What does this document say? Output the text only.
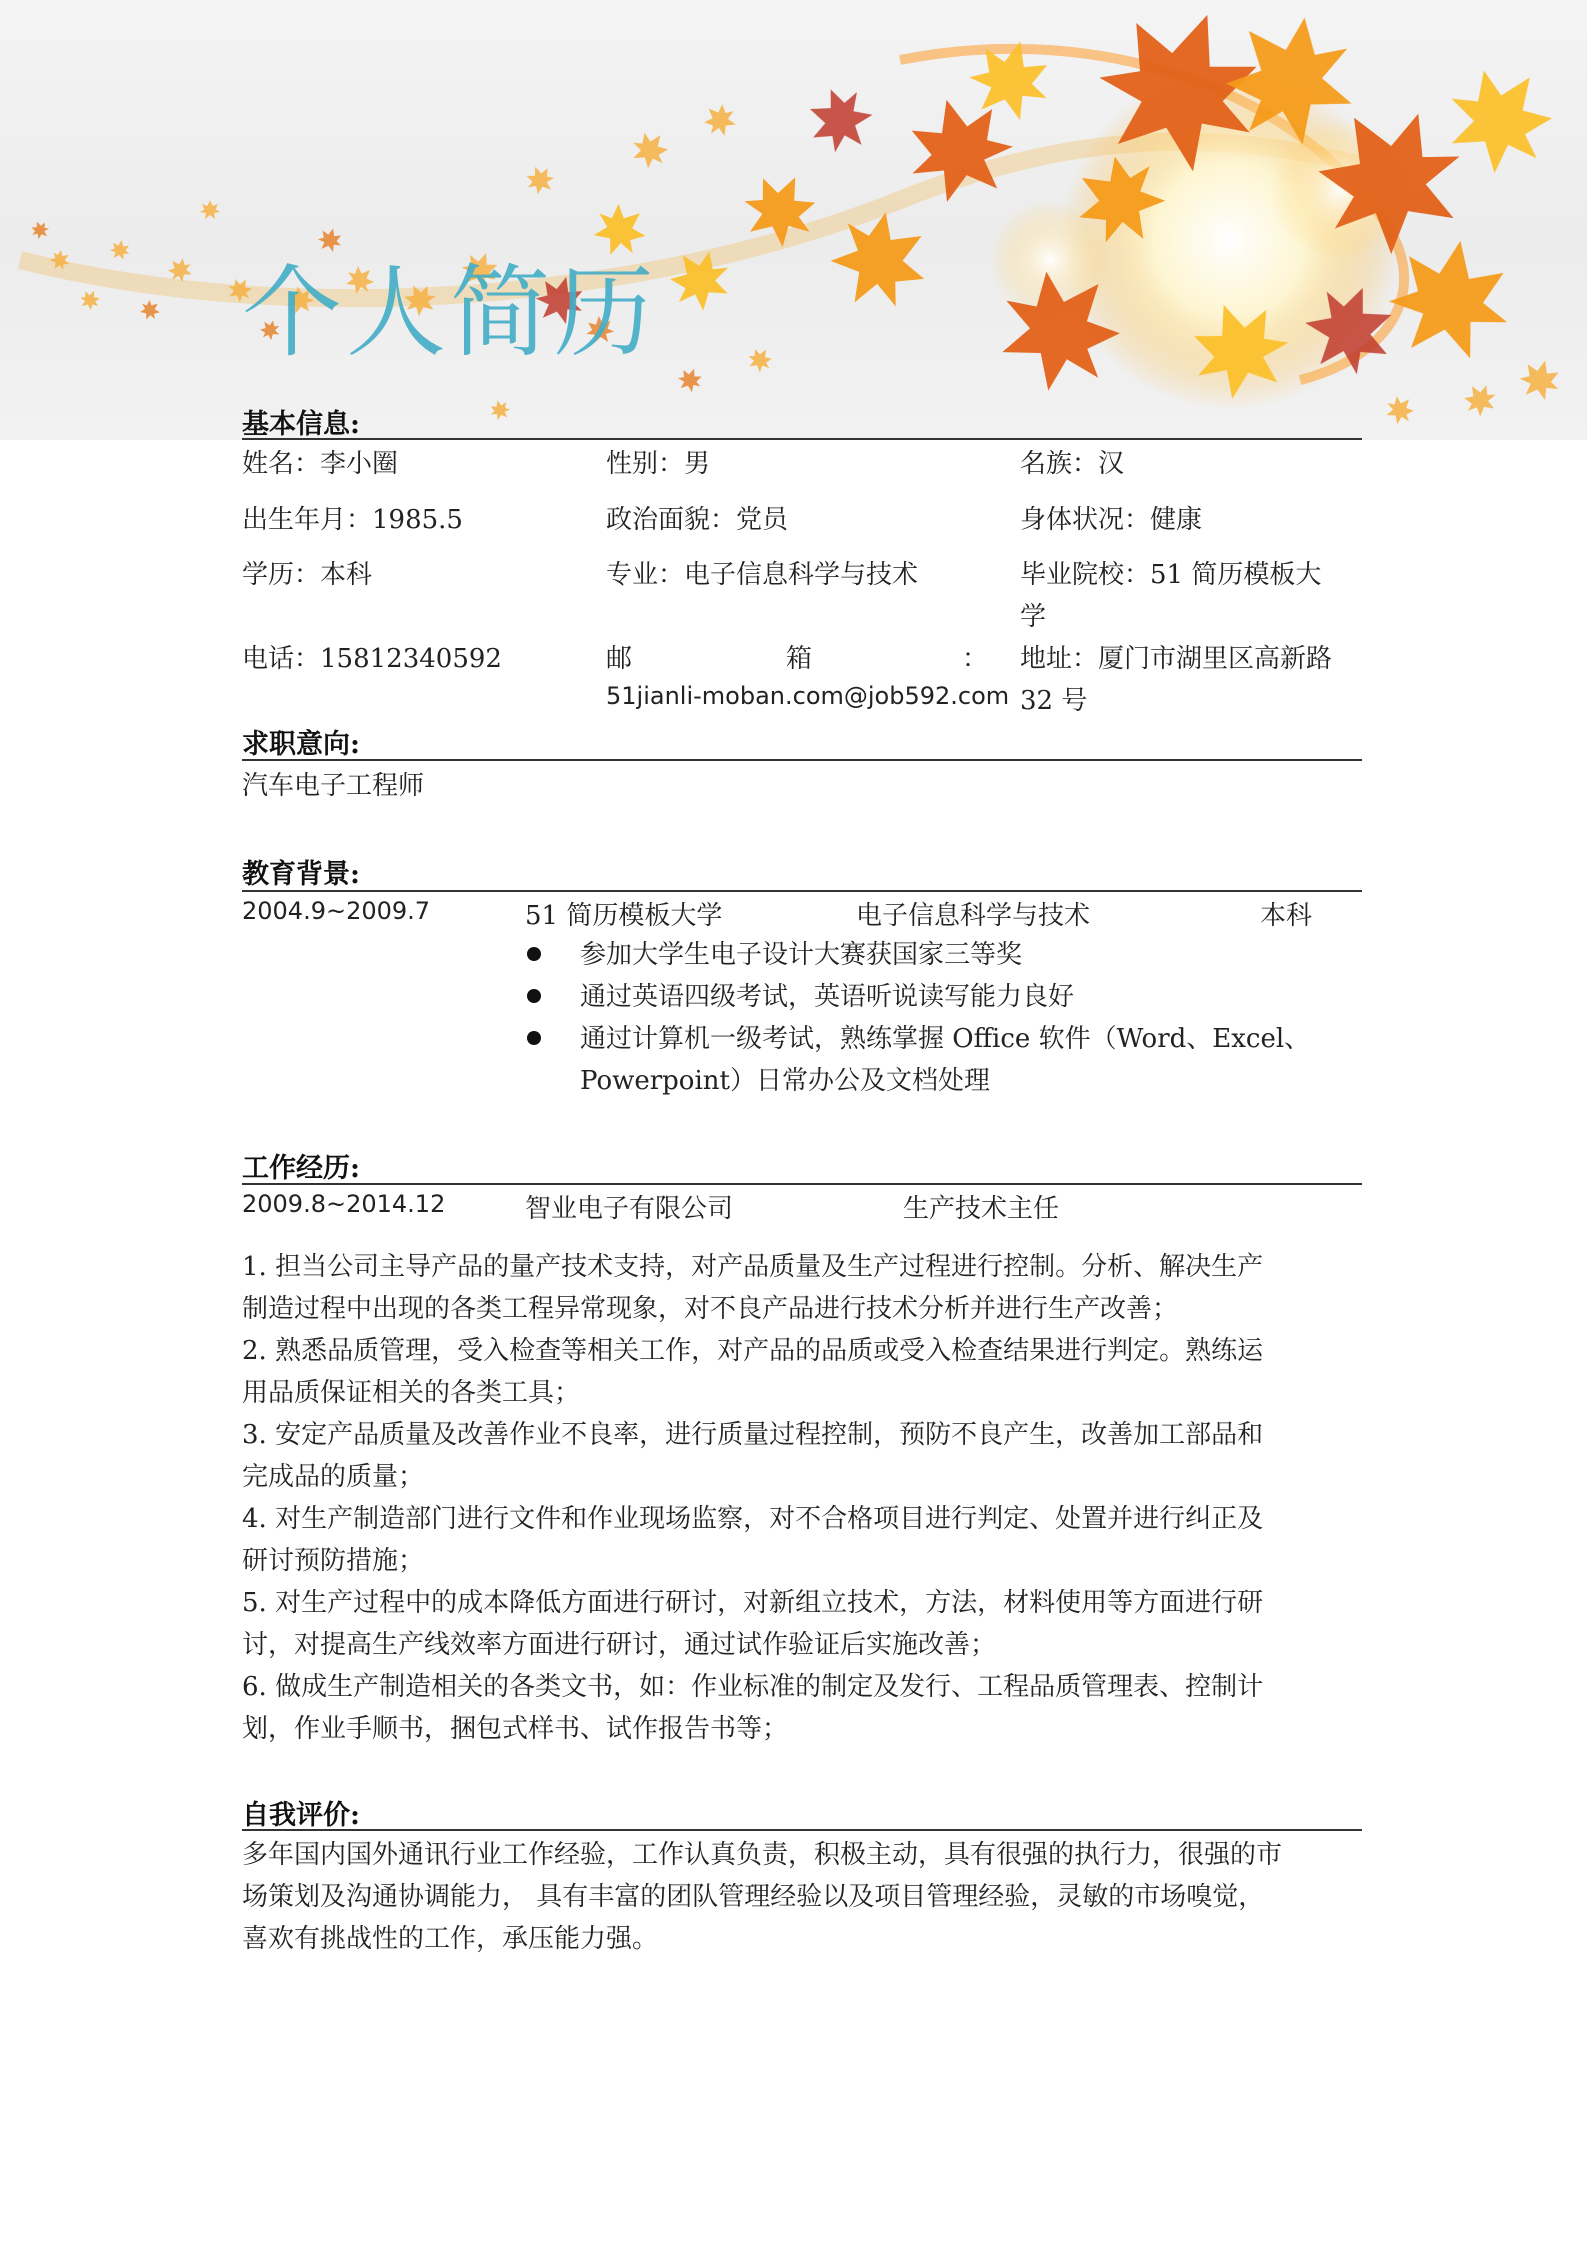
个人简历
基本信息:
姓名：李小圈	性别：男	名族：汉
出生年月：1985.5	政治面貌：党员	身体状况：健康
学历：本科	专业：电子信息科学与技术	毕业院校：51 简历模板大
学
电话：15812340592	邮	箱	：
51jianli-moban.com@job592.com
地址：厦门市湖里区高新路
32 号
求职意向:
汽车电子工程师
教育背景:
2004.9~2009.7	51 简历模板大学	电子信息科学与技术	本科
参加大学生电子设计大赛获国家三等奖
通过英语四级考试，英语听说读写能力良好
通过计算机一级考试，熟练掌握 Office 软件（Word、Excel、
Powerpoint）日常办公及文档处理
工作经历:
2009.8~2014.12	智业电子有限公司	生产技术主任
1. 担当公司主导产品的量产技术支持，对产品质量及生产过程进行控制。分析、解决生产
制造过程中出现的各类工程异常现象，对不良产品进行技术分析并进行生产改善；
2. 熟悉品质管理，受入检查等相关工作，对产品的品质或受入检查结果进行判定。熟练运
用品质保证相关的各类工具；
3. 安定产品质量及改善作业不良率，进行质量过程控制，预防不良产生，改善加工部品和
完成品的质量；
4. 对生产制造部门进行文件和作业现场监察，对不合格项目进行判定、处置并进行纠正及
研讨预防措施；
5. 对生产过程中的成本降低方面进行研讨，对新组立技术，方法，材料使用等方面进行研
讨，对提高生产线效率方面进行研讨，通过试作验证后实施改善；
6. 做成生产制造相关的各类文书，如：作业标准的制定及发行、工程品质管理表、控制计
划，作业手顺书，捆包式样书、试作报告书等；
自我评价:
多年国内国外通讯行业工作经验，工作认真负责，积极主动，具有很强的执行力，很强的市
场策划及沟通协调能力， 具有丰富的团队管理经验以及项目管理经验，灵敏的市场嗅觉，
喜欢有挑战性的工作，承压能力强。
